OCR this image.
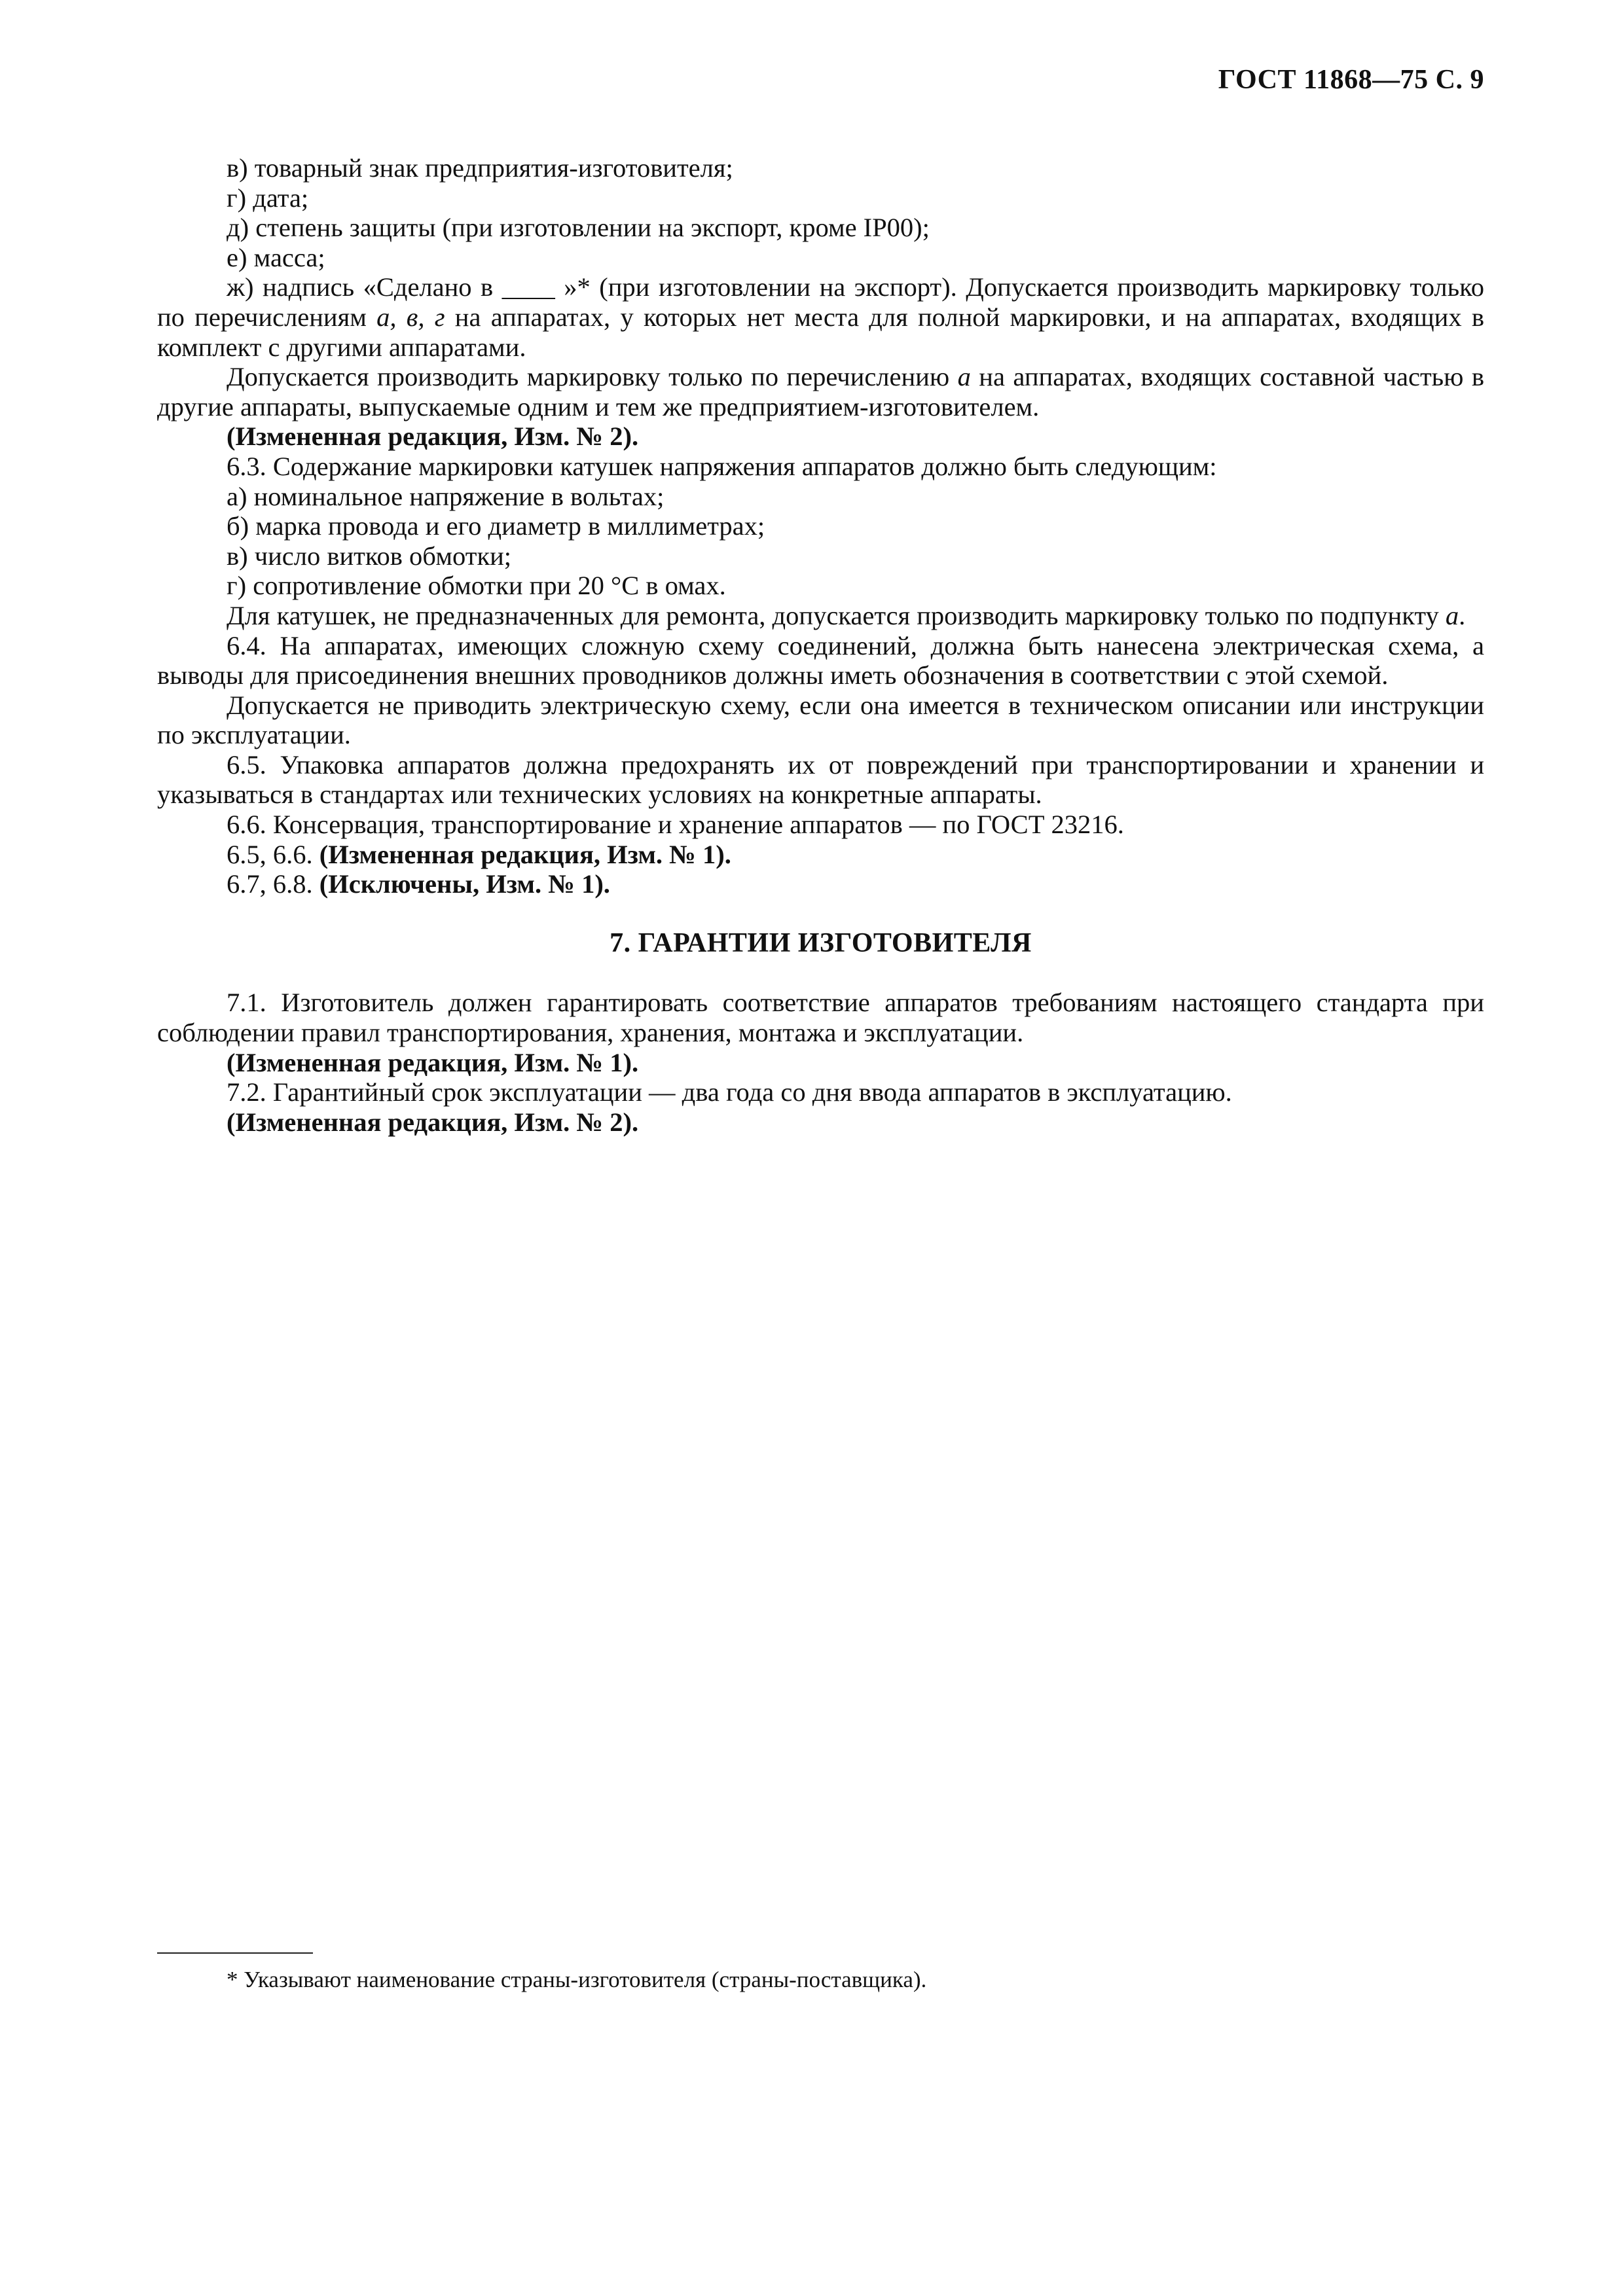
ГОСТ 11868—75 С. 9

в) товарный знак предприятия-изготовителя;

г) дата;

д) степень защиты (при изготовлении на экспорт, кроме IP00);

е) масса;

ж) надпись «Сделано в ____ »* (при изготовлении на экспорт). Допускается производить маркировку только по перечислениям а, в, г на аппаратах, у которых нет места для полной маркировки, и на аппаратах, входящих в комплект с другими аппаратами.

Допускается производить маркировку только по перечислению а на аппаратах, входящих составной частью в другие аппараты, выпускаемые одним и тем же предприятием-изготовителем.

(Измененная редакция, Изм. № 2).

6.3. Содержание маркировки катушек напряжения аппаратов должно быть следующим:

а) номинальное напряжение в вольтах;

б) марка провода и его диаметр в миллиметрах;

в) число витков обмотки;

г) сопротивление обмотки при 20 °С в омах.

Для катушек, не предназначенных для ремонта, допускается производить маркировку только по подпункту а.

6.4. На аппаратах, имеющих сложную схему соединений, должна быть нанесена электрическая схема, а выводы для присоединения внешних проводников должны иметь обозначения в соответствии с этой схемой.

Допускается не приводить электрическую схему, если она имеется в техническом описании или инструкции по эксплуатации.

6.5. Упаковка аппаратов должна предохранять их от повреждений при транспортировании и хранении и указываться в стандартах или технических условиях на конкретные аппараты.

6.6. Консервация, транспортирование и хранение аппаратов — по ГОСТ 23216.

6.5, 6.6. (Измененная редакция, Изм. № 1).

6.7, 6.8. (Исключены, Изм. № 1).

7. ГАРАНТИИ ИЗГОТОВИТЕЛЯ

7.1. Изготовитель должен гарантировать соответствие аппаратов требованиям настоящего стандарта при соблюдении правил транспортирования, хранения, монтажа и эксплуатации.

(Измененная редакция, Изм. № 1).

7.2. Гарантийный срок эксплуатации — два года со дня ввода аппаратов в эксплуатацию.

(Измененная редакция, Изм. № 2).

* Указывают наименование страны-изготовителя (страны-поставщика).
